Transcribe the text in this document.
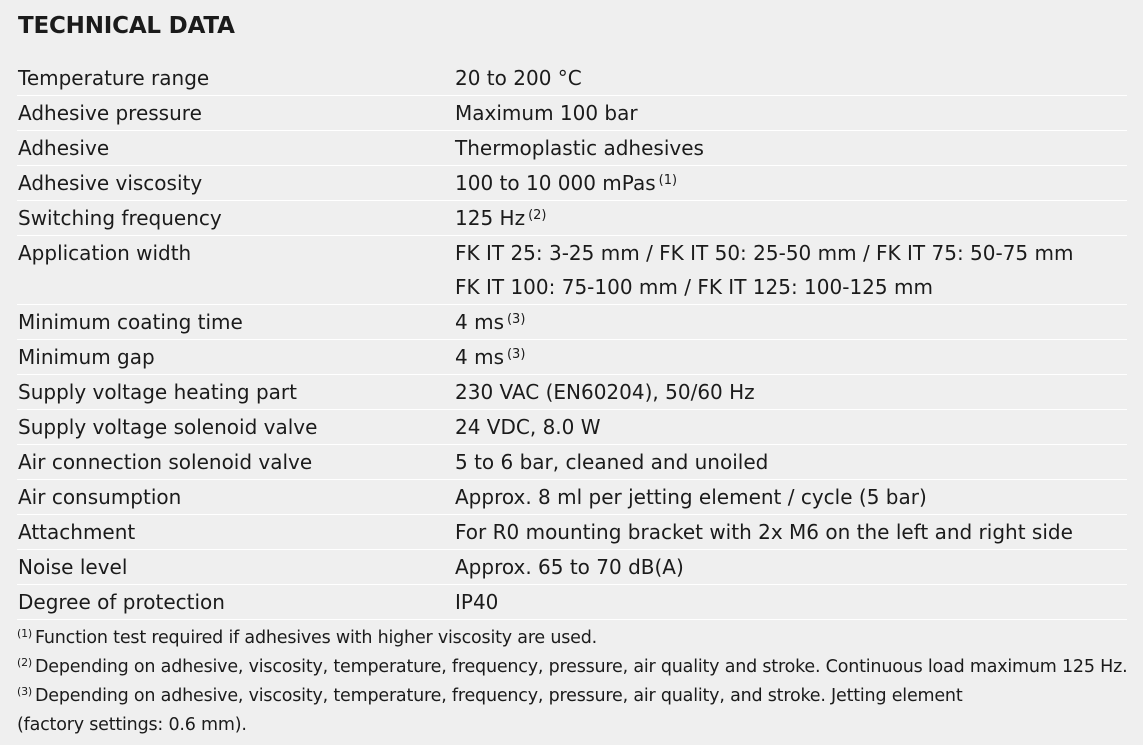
TECHNICAL DATA
Temperature range	20 to 200 °C
Adhesive pressure	Maximum 100 bar
Adhesive	Thermoplastic adhesives
Adhesive viscosity	100 to 10 000 mPas $^{(1)}$
Switching frequency	125 Hz $^{(2)}$
Application width	FK IT 25: 3-25 mm / FK IT 50: 25-50 mm / FK IT 75: 50-75 mm
FK IT 100: 75-100 mm / FK IT 125: 100-125 mm
Minimum coating time	4 ms $^{(3)}$
Minimum gap	4 ms $^{(3)}$
Supply voltage heating part	230 VAC (EN60204), 50/60 Hz
Supply voltage solenoid valve	24 VDC, 8.0 W
Air connection solenoid valve	5 to 6 bar, cleaned and unoiled
Air consumption	Approx. 8 ml per jetting element / cycle (5 bar)
Attachment	For R0 mounting bracket with 2x M6 on the left and right side
Noise level	Approx. 65 to 70 dB(A)
Degree of protection	IP40
$^{(1)}$ Function test required if adhesives with higher viscosity are used.
$^{(2)}$ Depending on adhesive, viscosity, temperature, frequency, pressure, air quality and stroke. Continuous load maximum 125 Hz.
$^{(3)}$ Depending on adhesive, viscosity, temperature, frequency, pressure, air quality, and stroke. Jetting element
(factory settings: 0.6 mm).
